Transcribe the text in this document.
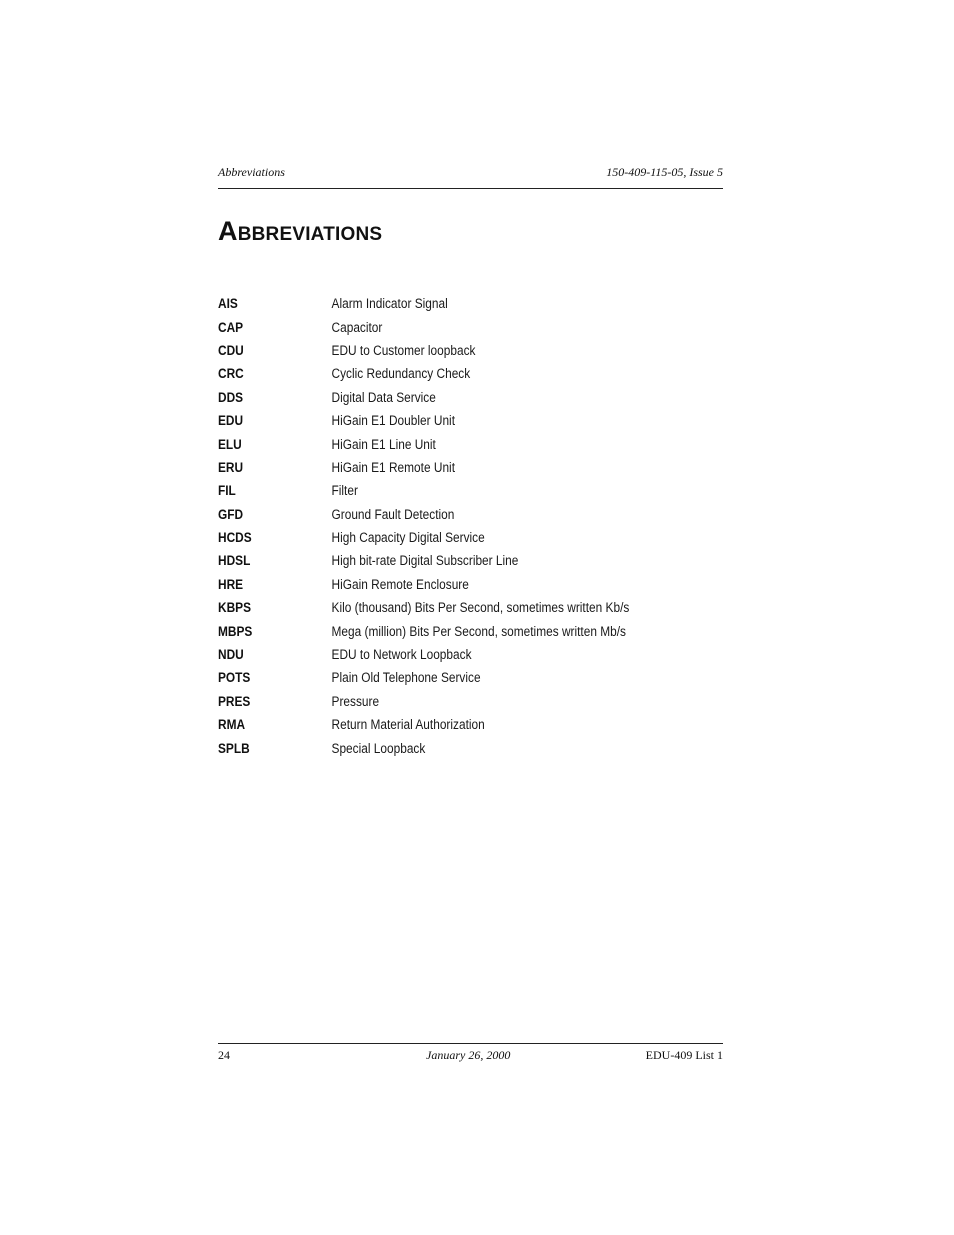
Abbreviations	150-409-115-05, Issue 5
Abbreviations
AIS	Alarm Indicator Signal
CAP	Capacitor
CDU	EDU to Customer loopback
CRC	Cyclic Redundancy Check
DDS	Digital Data Service
EDU	HiGain E1 Doubler Unit
ELU	HiGain E1 Line Unit
ERU	HiGain E1 Remote Unit
FIL	Filter
GFD	Ground Fault Detection
HCDS	High Capacity Digital Service
HDSL	High bit-rate Digital Subscriber Line
HRE	HiGain Remote Enclosure
KBPS	Kilo (thousand) Bits Per Second, sometimes written Kb/s
MBPS	Mega (million) Bits Per Second, sometimes written Mb/s
NDU	EDU to Network Loopback
POTS	Plain Old Telephone Service
PRES	Pressure
RMA	Return Material Authorization
SPLB	Special Loopback
24	January 26, 2000	EDU-409 List 1
